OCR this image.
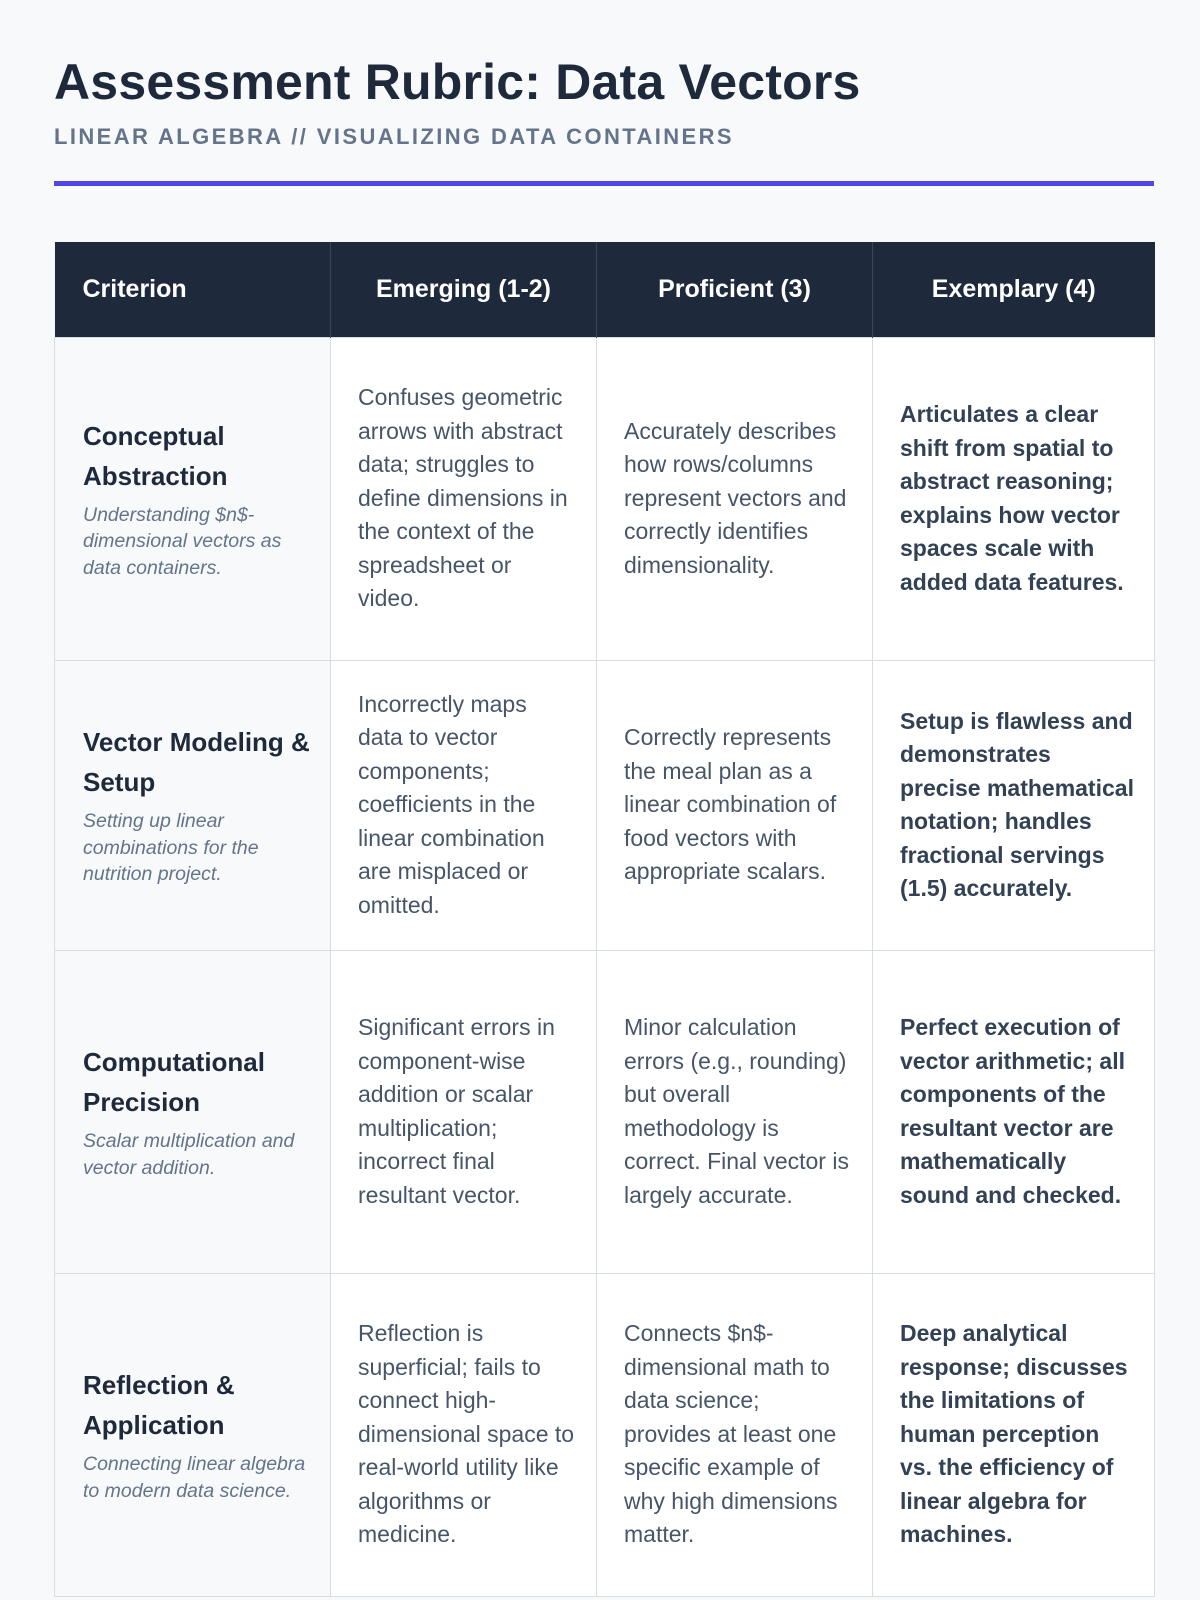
Assessment Rubric: Data Vectors
LINEAR ALGEBRA // VISUALIZING DATA CONTAINERS
Criterion	Emerging (1-2)	Proficient (3)	Exemplary (4)

Conceptual Abstraction
Understanding $n$-dimensional vectors as data containers.	Confuses geometric arrows with abstract data; struggles to define dimensions in the context of the spreadsheet or video.	Accurately describes how rows/columns represent vectors and correctly identifies dimensionality.	Articulates a clear shift from spatial to abstract reasoning; explains how vector spaces scale with added data features.

Vector Modeling & Setup
Setting up linear combinations for the nutrition project.	Incorrectly maps data to vector components; coefficients in the linear combination are misplaced or omitted.	Correctly represents the meal plan as a linear combination of food vectors with appropriate scalars.	Setup is flawless and demonstrates precise mathematical notation; handles fractional servings (1.5) accurately.

Computational Precision
Scalar multiplication and vector addition.	Significant errors in component-wise addition or scalar multiplication; incorrect final resultant vector.	Minor calculation errors (e.g., rounding) but overall methodology is correct. Final vector is largely accurate.	Perfect execution of vector arithmetic; all components of the resultant vector are mathematically sound and checked.

Reflection & Application
Connecting linear algebra to modern data science.	Reflection is superficial; fails to connect high-dimensional space to real-world utility like algorithms or medicine.	Connects $n$-dimensional math to data science; provides at least one specific example of why high dimensions matter.	Deep analytical response; discusses the limitations of human perception vs. the efficiency of linear algebra for machines.
